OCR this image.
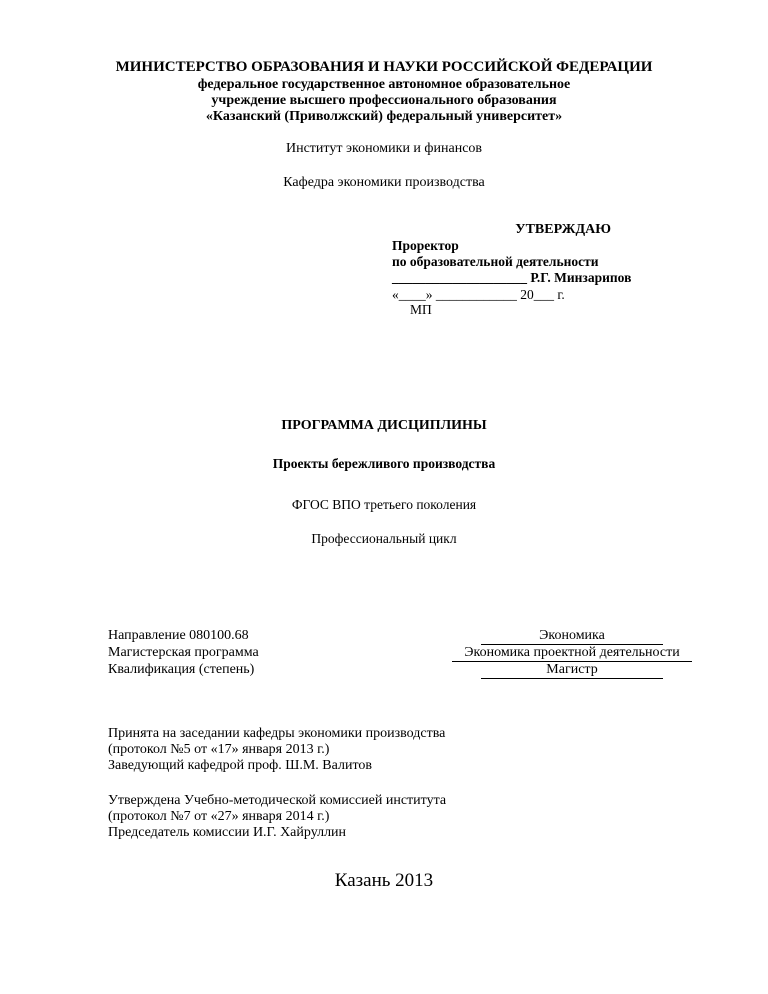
МИНИСТЕРСТВО ОБРАЗОВАНИЯ И НАУКИ РОССИЙСКОЙ ФЕДЕРАЦИИ
федеральное государственное автономное образовательное
учреждение высшего профессионального образования
«Казанский (Приволжский) федеральный университет»
Институт экономики и финансов
Кафедра экономики производства
УТВЕРЖДАЮ
Проректор
по образовательной деятельности
____________________ Р.Г. Минзарипов
«____» ____________ 20___ г.
МП
ПРОГРАММА ДИСЦИПЛИНЫ
Проекты бережливого производства
ФГОС ВПО третьего поколения
Профессиональный цикл
Направление 080100.68
Магистерская программа
Квалификация (степень)
Экономика
Экономика проектной деятельности
Магистр
Принята на заседании кафедры экономики производства
(протокол №5 от «17» января 2013 г.)
Заведующий кафедрой проф. Ш.М. Валитов
Утверждена Учебно-методической комиссией института
(протокол №7 от «27» января 2014 г.)
Председатель комиссии И.Г. Хайруллин
Казань 2013
